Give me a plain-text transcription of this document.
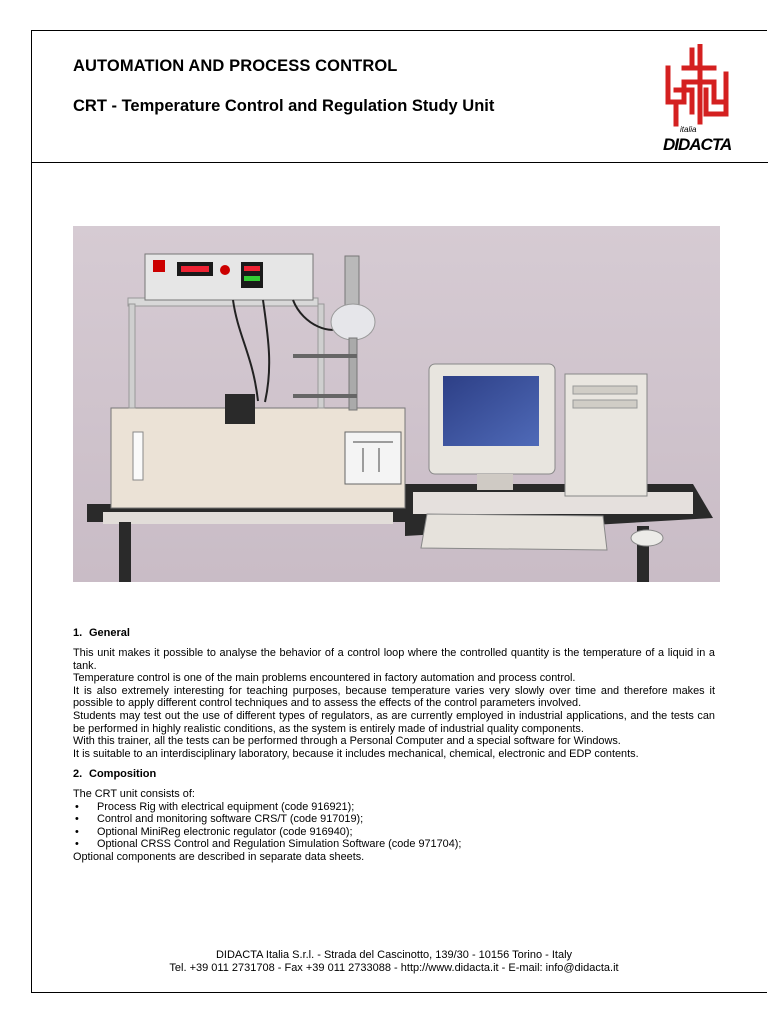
AUTOMATION AND PROCESS CONTROL
CRT - Temperature Control and Regulation Study Unit
italia
DIDACTA
1. General

This unit makes it possible to analyse the behavior of a control loop where the controlled quantity is the temperature of a liquid in a tank.

Temperature control is one of the main problems encountered in factory automation and process control.

It is also extremely interesting for teaching purposes, because temperature varies very slowly over time and therefore makes it possible to apply different control techniques and to assess the effects of the control parameters involved.

Students may test out the use of different types of regulators, as are currently employed in industrial applications, and the tests can be performed in highly realistic conditions, as the system is entirely made of industrial quality components.

With this trainer, all the tests can be performed through a Personal Computer and a special software for Windows.

It is suitable to an interdisciplinary laboratory, because it includes mechanical, chemical, electronic and EDP contents.

2. Composition

The CRT unit consists of:

• Process Rig with electrical equipment (code 916921);
• Control and monitoring software CRS/T (code 917019);
• Optional MiniReg electronic regulator (code 916940);
• Optional CRSS Control and Regulation Simulation Software (code 971704);

Optional components are described in separate data sheets.

DIDACTA Italia S.r.l. - Strada del Cascinotto, 139/30 - 10156 Torino - Italy
Tel. +39 011 2731708 - Fax +39 011 2733088 - http://www.didacta.it - E-mail: info@didacta.it
